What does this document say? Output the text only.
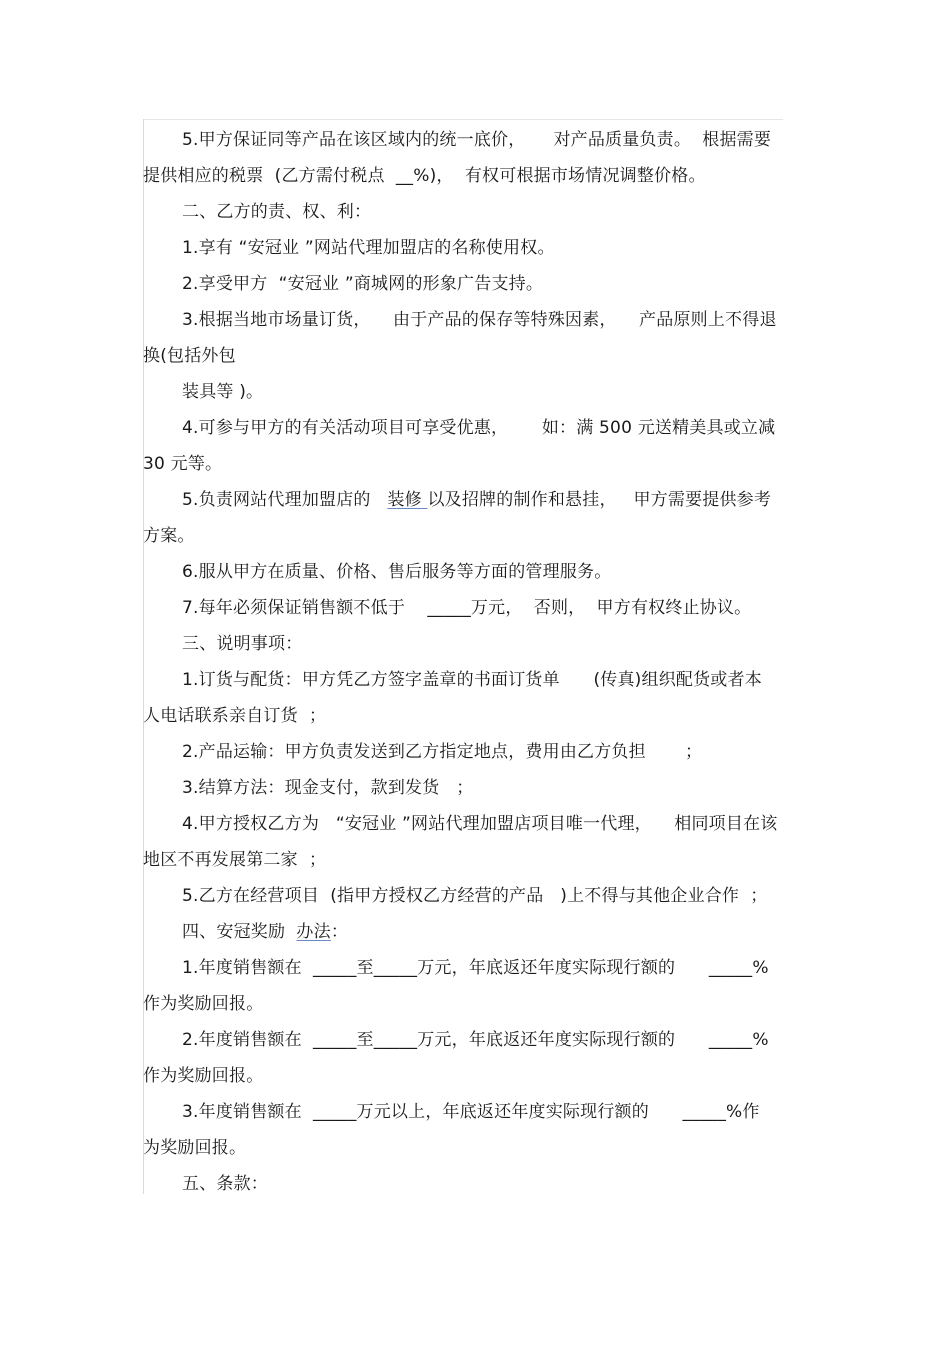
5.甲方保证同等产品在该区域内的统一底价，     对产品质量负责。  根据需要
提供相应的税票  (乙方需付税点  __%)，  有权可根据市场情况调整价格。
二、乙方的责、权、利：
1.享有 “安冠业 ”网站代理加盟店的名称使用权。
2.享受甲方  “安冠业 ”商城网的形象广告支持。
3.根据当地市场量订货，    由于产品的保存等特殊因素，    产品原则上不得退
换(包括外包
装具等 )。
4.可参与甲方的有关活动项目可享受优惠，      如：满 500 元送精美具或立减
30 元等。
5.负责网站代理加盟店的   装修 以及招牌的制作和悬挂，   甲方需要提供参考
方案。
6.服从甲方在质量、价格、售后服务等方面的管理服务。
7.每年必须保证销售额不低于    _____万元，  否则，  甲方有权终止协议。
三、说明事项：
1.订货与配货：甲方凭乙方签字盖章的书面订货单      (传真)组织配货或者本
人电话联系亲自订货  ；
2.产品运输：甲方负责发送到乙方指定地点，费用由乙方负担       ；
3.结算方法：现金支付，款到发货   ；
4.甲方授权乙方为   “安冠业 ”网站代理加盟店项目唯一代理，    相同项目在该
地区不再发展第二家  ；
5.乙方在经营项目  (指甲方授权乙方经营的产品   )上不得与其他企业合作  ；
四、安冠奖励  办法：
1.年度销售额在  _____至_____万元，年底返还年度实际现行额的      _____%
作为奖励回报。
2.年度销售额在  _____至_____万元，年底返还年度实际现行额的      _____%
作为奖励回报。
3.年度销售额在  _____万元以上，年底返还年度实际现行额的      _____%作
为奖励回报。
五、条款：
